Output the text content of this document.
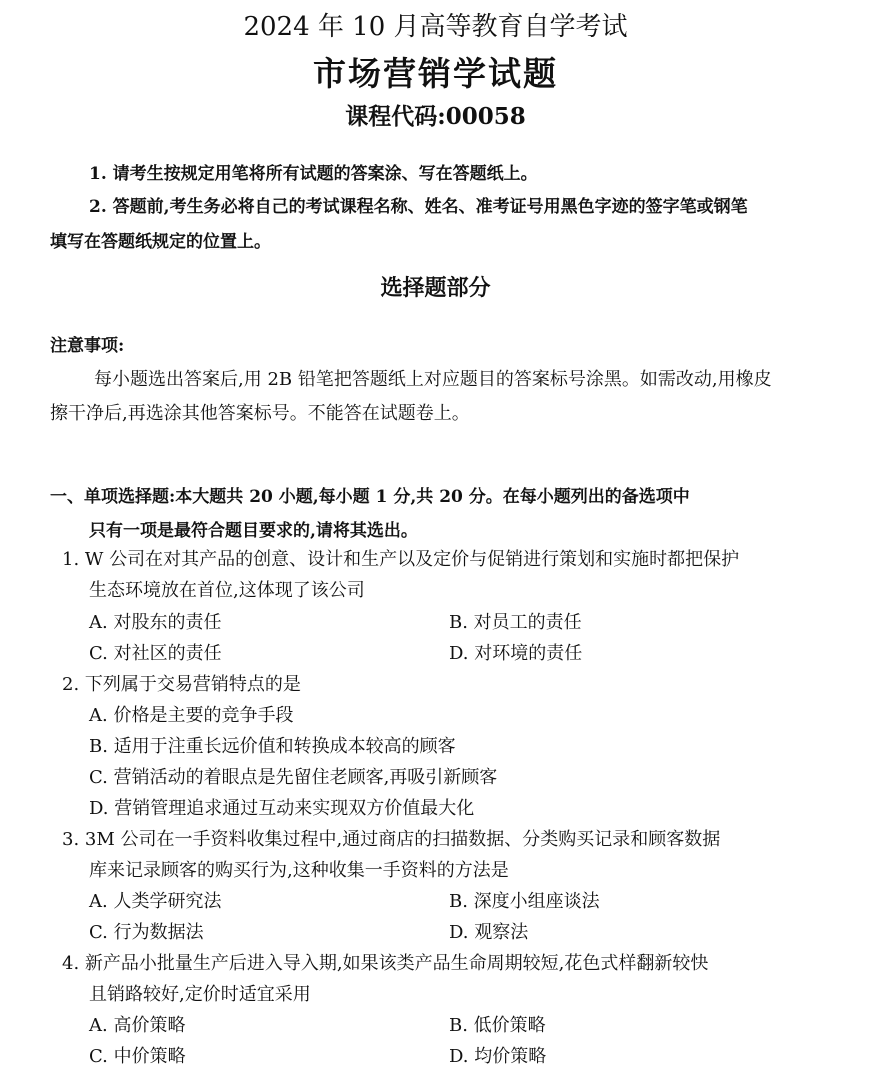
2024 年 10 月高等教育自学考试
市场营销学试题
课程代码:00058
1. 请考生按规定用笔将所有试题的答案涂、写在答题纸上。
2. 答题前,考生务必将自己的考试课程名称、姓名、准考证号用黑色字迹的签字笔或钢笔
填写在答题纸规定的位置上。
选择题部分
注意事项:
每小题选出答案后,用 2B 铅笔把答题纸上对应题目的答案标号涂黑。如需改动,用橡皮
擦干净后,再选涂其他答案标号。不能答在试题卷上。
一、单项选择题:本大题共 20 小题,每小题 1 分,共 20 分。在每小题列出的备选项中
只有一项是最符合题目要求的,请将其选出。
1. W 公司在对其产品的创意、设计和生产以及定价与促销进行策划和实施时都把保护
生态环境放在首位,这体现了该公司
A. 对股东的责任	B. 对员工的责任
C. 对社区的责任	D. 对环境的责任
2. 下列属于交易营销特点的是
A. 价格是主要的竞争手段
B. 适用于注重长远价值和转换成本较高的顾客
C. 营销活动的着眼点是先留住老顾客,再吸引新顾客
D. 营销管理追求通过互动来实现双方价值最大化
3. 3M 公司在一手资料收集过程中,通过商店的扫描数据、分类购买记录和顾客数据
库来记录顾客的购买行为,这种收集一手资料的方法是
A. 人类学研究法	B. 深度小组座谈法
C. 行为数据法	D. 观察法
4. 新产品小批量生产后进入导入期,如果该类产品生命周期较短,花色式样翻新较快
且销路较好,定价时适宜采用
A. 高价策略	B. 低价策略
C. 中价策略	D. 均价策略
